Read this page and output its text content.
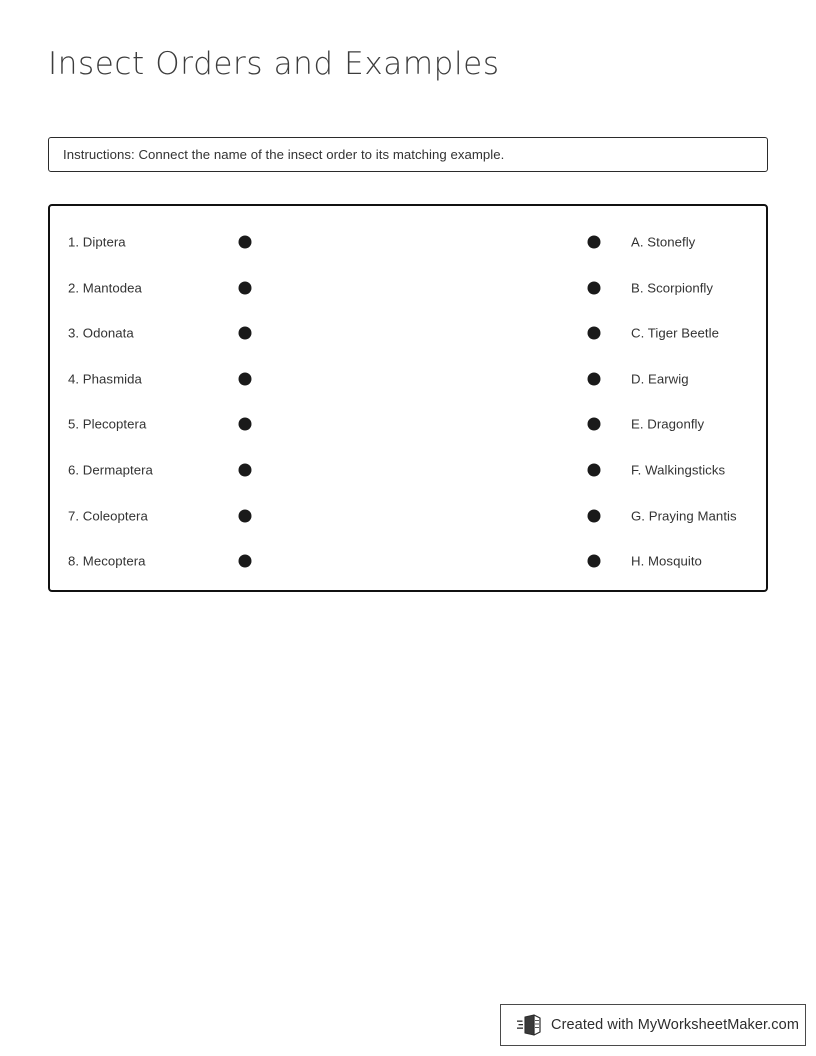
Insect Orders and Examples
Instructions: Connect the name of the insect order to its matching example.
1. Diptera	A. Stonefly
2. Mantodea	B. Scorpionfly
3. Odonata	C. Tiger Beetle
4. Phasmida	D. Earwig
5. Plecoptera	E. Dragonfly
6. Dermaptera	F. Walkingsticks
7. Coleoptera	G. Praying Mantis
8. Mecoptera	H. Mosquito
Created with MyWorksheetMaker.com
